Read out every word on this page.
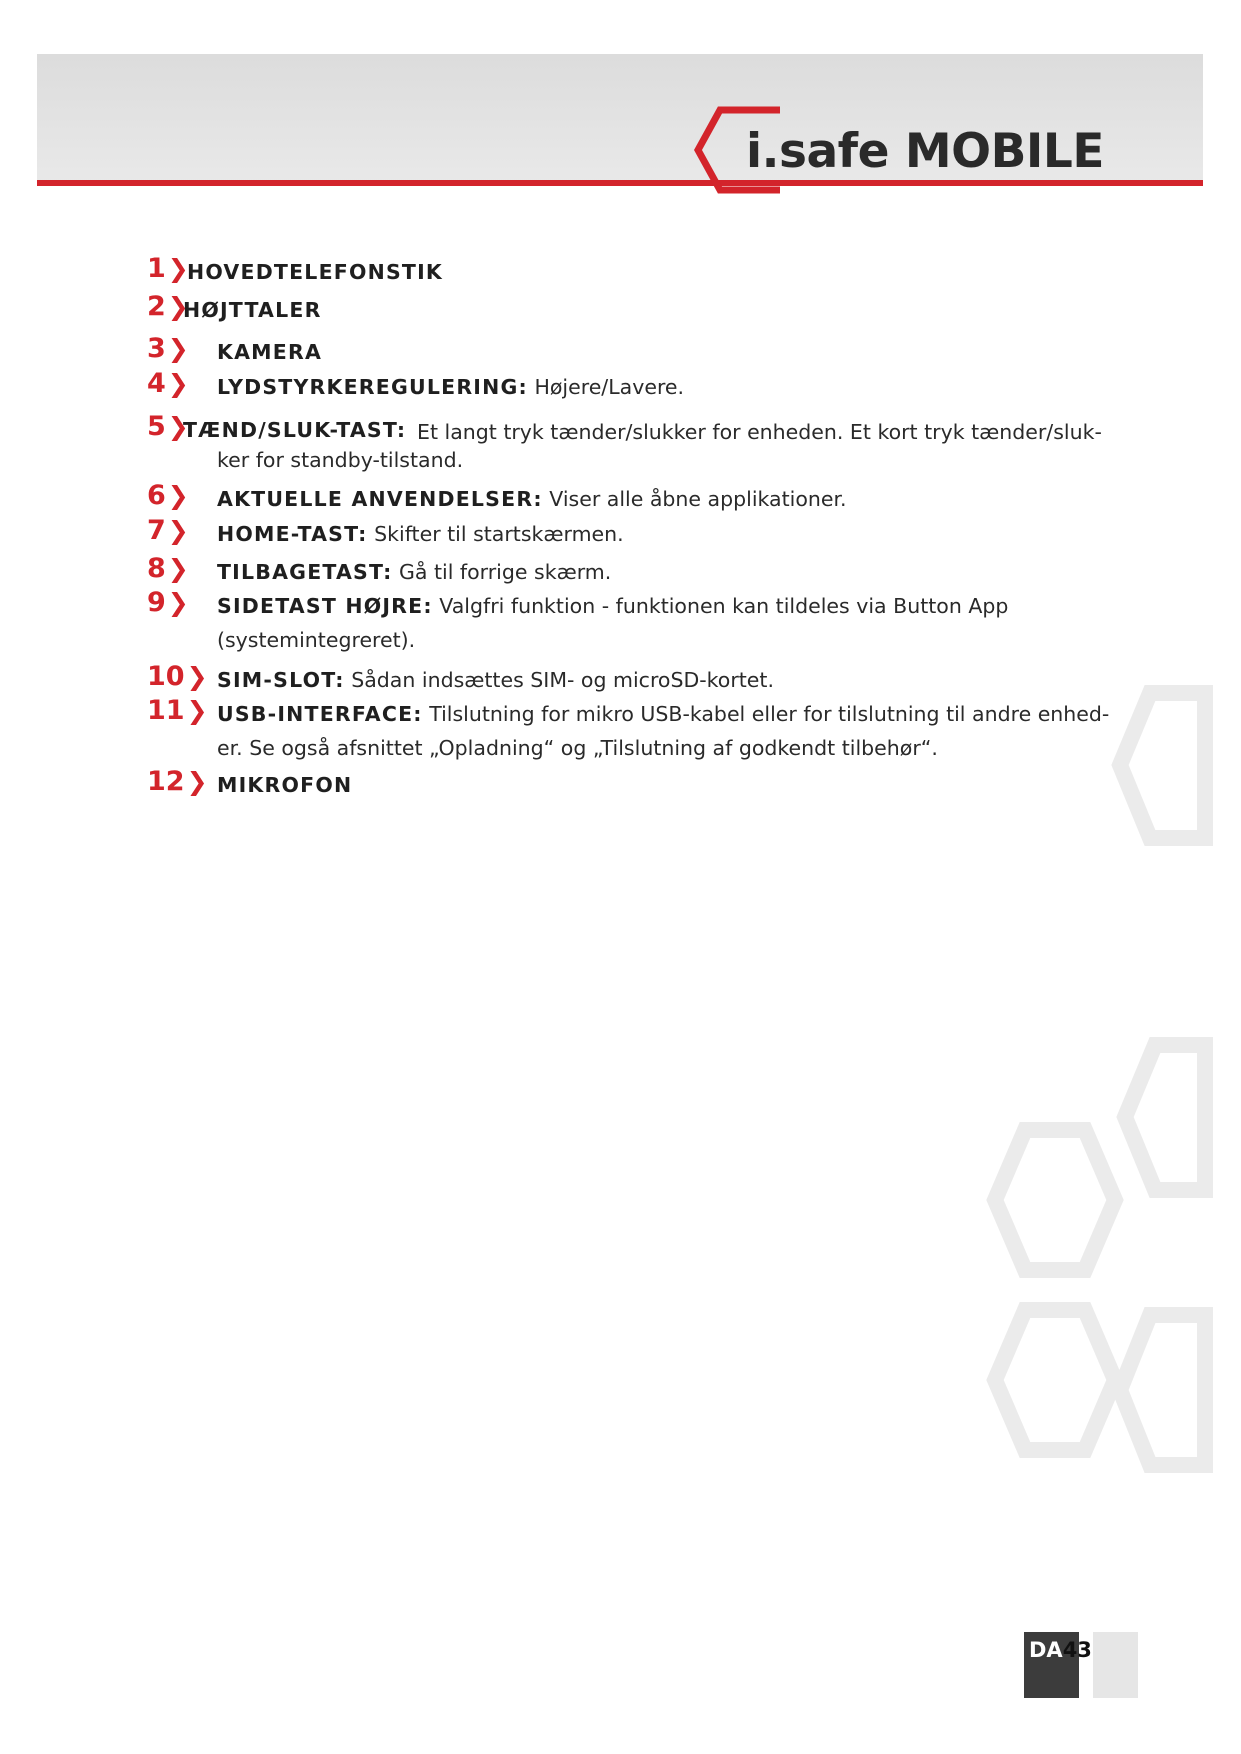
i.safe MOBILE
1❯
HOVEDTELEFONSTIK
2❯
HØJTTALER
3❯ KAMERA
4❯ LYDSTYRKEREGULERING: Højere/Lavere.
5❯
TÆND/SLUK-TAST: Et langt tryk tænder/slukker for enheden. Et kort tryk tænder/sluk-
ker for standby-tilstand.
6❯ AKTUELLE ANVENDELSER: Viser alle åbne applikationer.
7❯ HOME-TAST: Skifter til startskærmen.
8❯ TILBAGETAST: Gå til forrige skærm.
9❯ SIDETAST HØJRE: Valgfri funktion - funktionen kan tildeles via Button App
(systemintegreret).
10❯ SIM-SLOT: Sådan indsættes SIM- og microSD-kortet.
11❯ USB-INTERFACE: Tilslutning for mikro USB-kabel eller for tilslutning til andre enhed-
er. Se også afsnittet „Opladning“ og „Tilslutning af godkendt tilbehør“.
12❯ MIKROFON
DA43
